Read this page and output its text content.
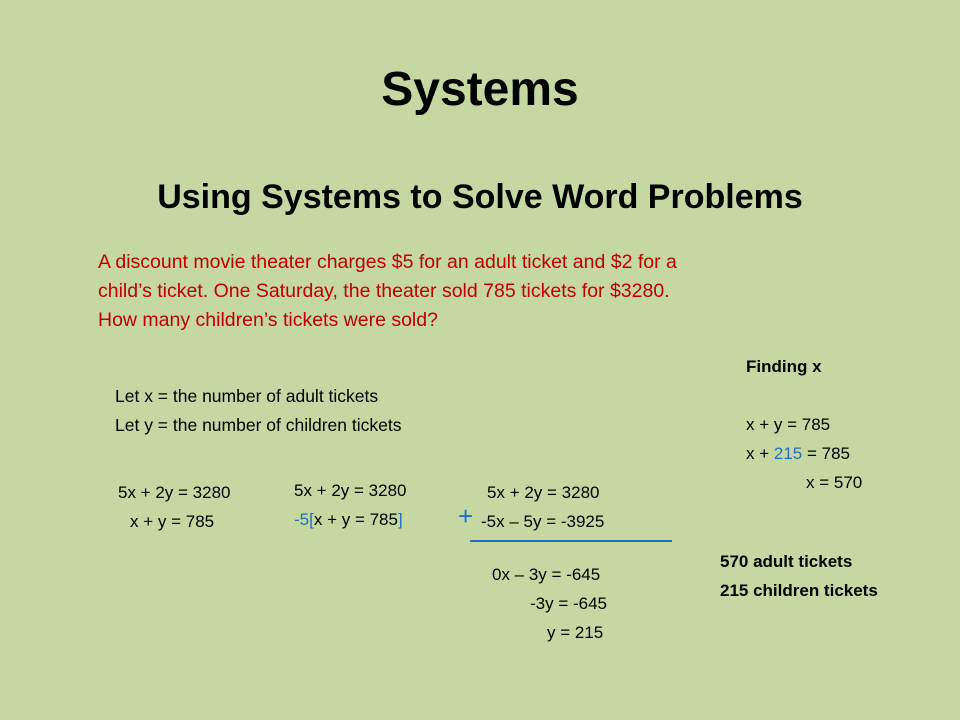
Systems
Using Systems to Solve Word Problems
A discount movie theater charges $5 for an adult ticket and $2 for a
child’s ticket. One Saturday, the theater sold 785 tickets for $3280.
How many children’s tickets were sold?
Let x = the number of adult tickets
Let y = the number of children tickets
5x + 2y = 3280
x + y = 785
5x + 2y = 3280
-5[x + y = 785]
5x + 2y = 3280
+ -5x – 5y = -3925
0x – 3y = -645
-3y = -645
y = 215
Finding x
x + y = 785
x + 215 = 785
x = 570
570 adult tickets
215 children tickets
